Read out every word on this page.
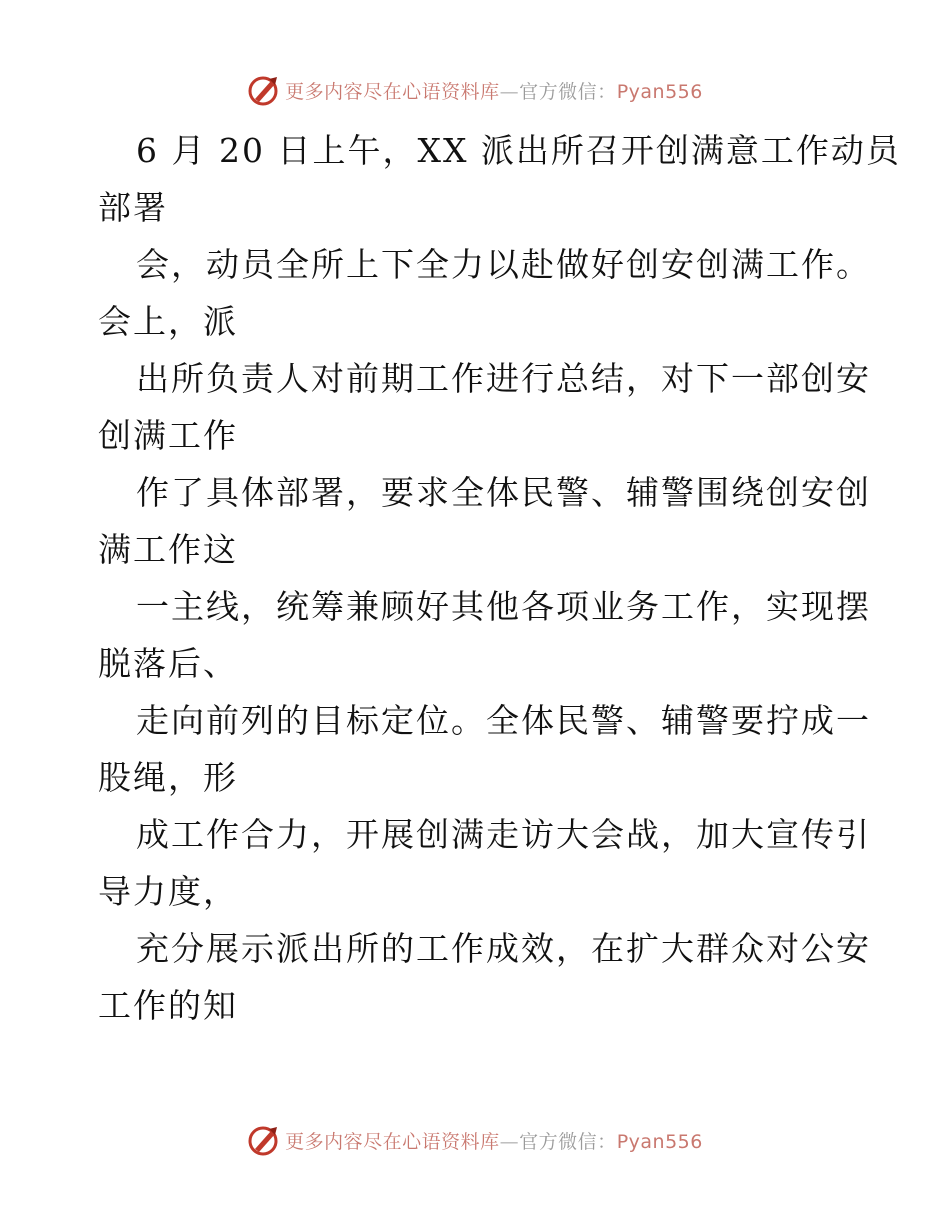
更多内容尽在心语资料库—官方微信：Pyan556

6 月 20 日上午，XX 派出所召开创满意工作动员
部署

会，动员全所上下全力以赴做好创安创满工作。
会上，派

出所负责人对前期工作进行总结，对下一部创安
创满工作

作了具体部署，要求全体民警、辅警围绕创安创
满工作这

一主线，统筹兼顾好其他各项业务工作，实现摆
脱落后、

走向前列的目标定位。全体民警、辅警要拧成一
股绳，形

成工作合力，开展创满走访大会战，加大宣传引
导力度，

充分展示派出所的工作成效，在扩大群众对公安
工作的知

更多内容尽在心语资料库—官方微信：Pyan556
